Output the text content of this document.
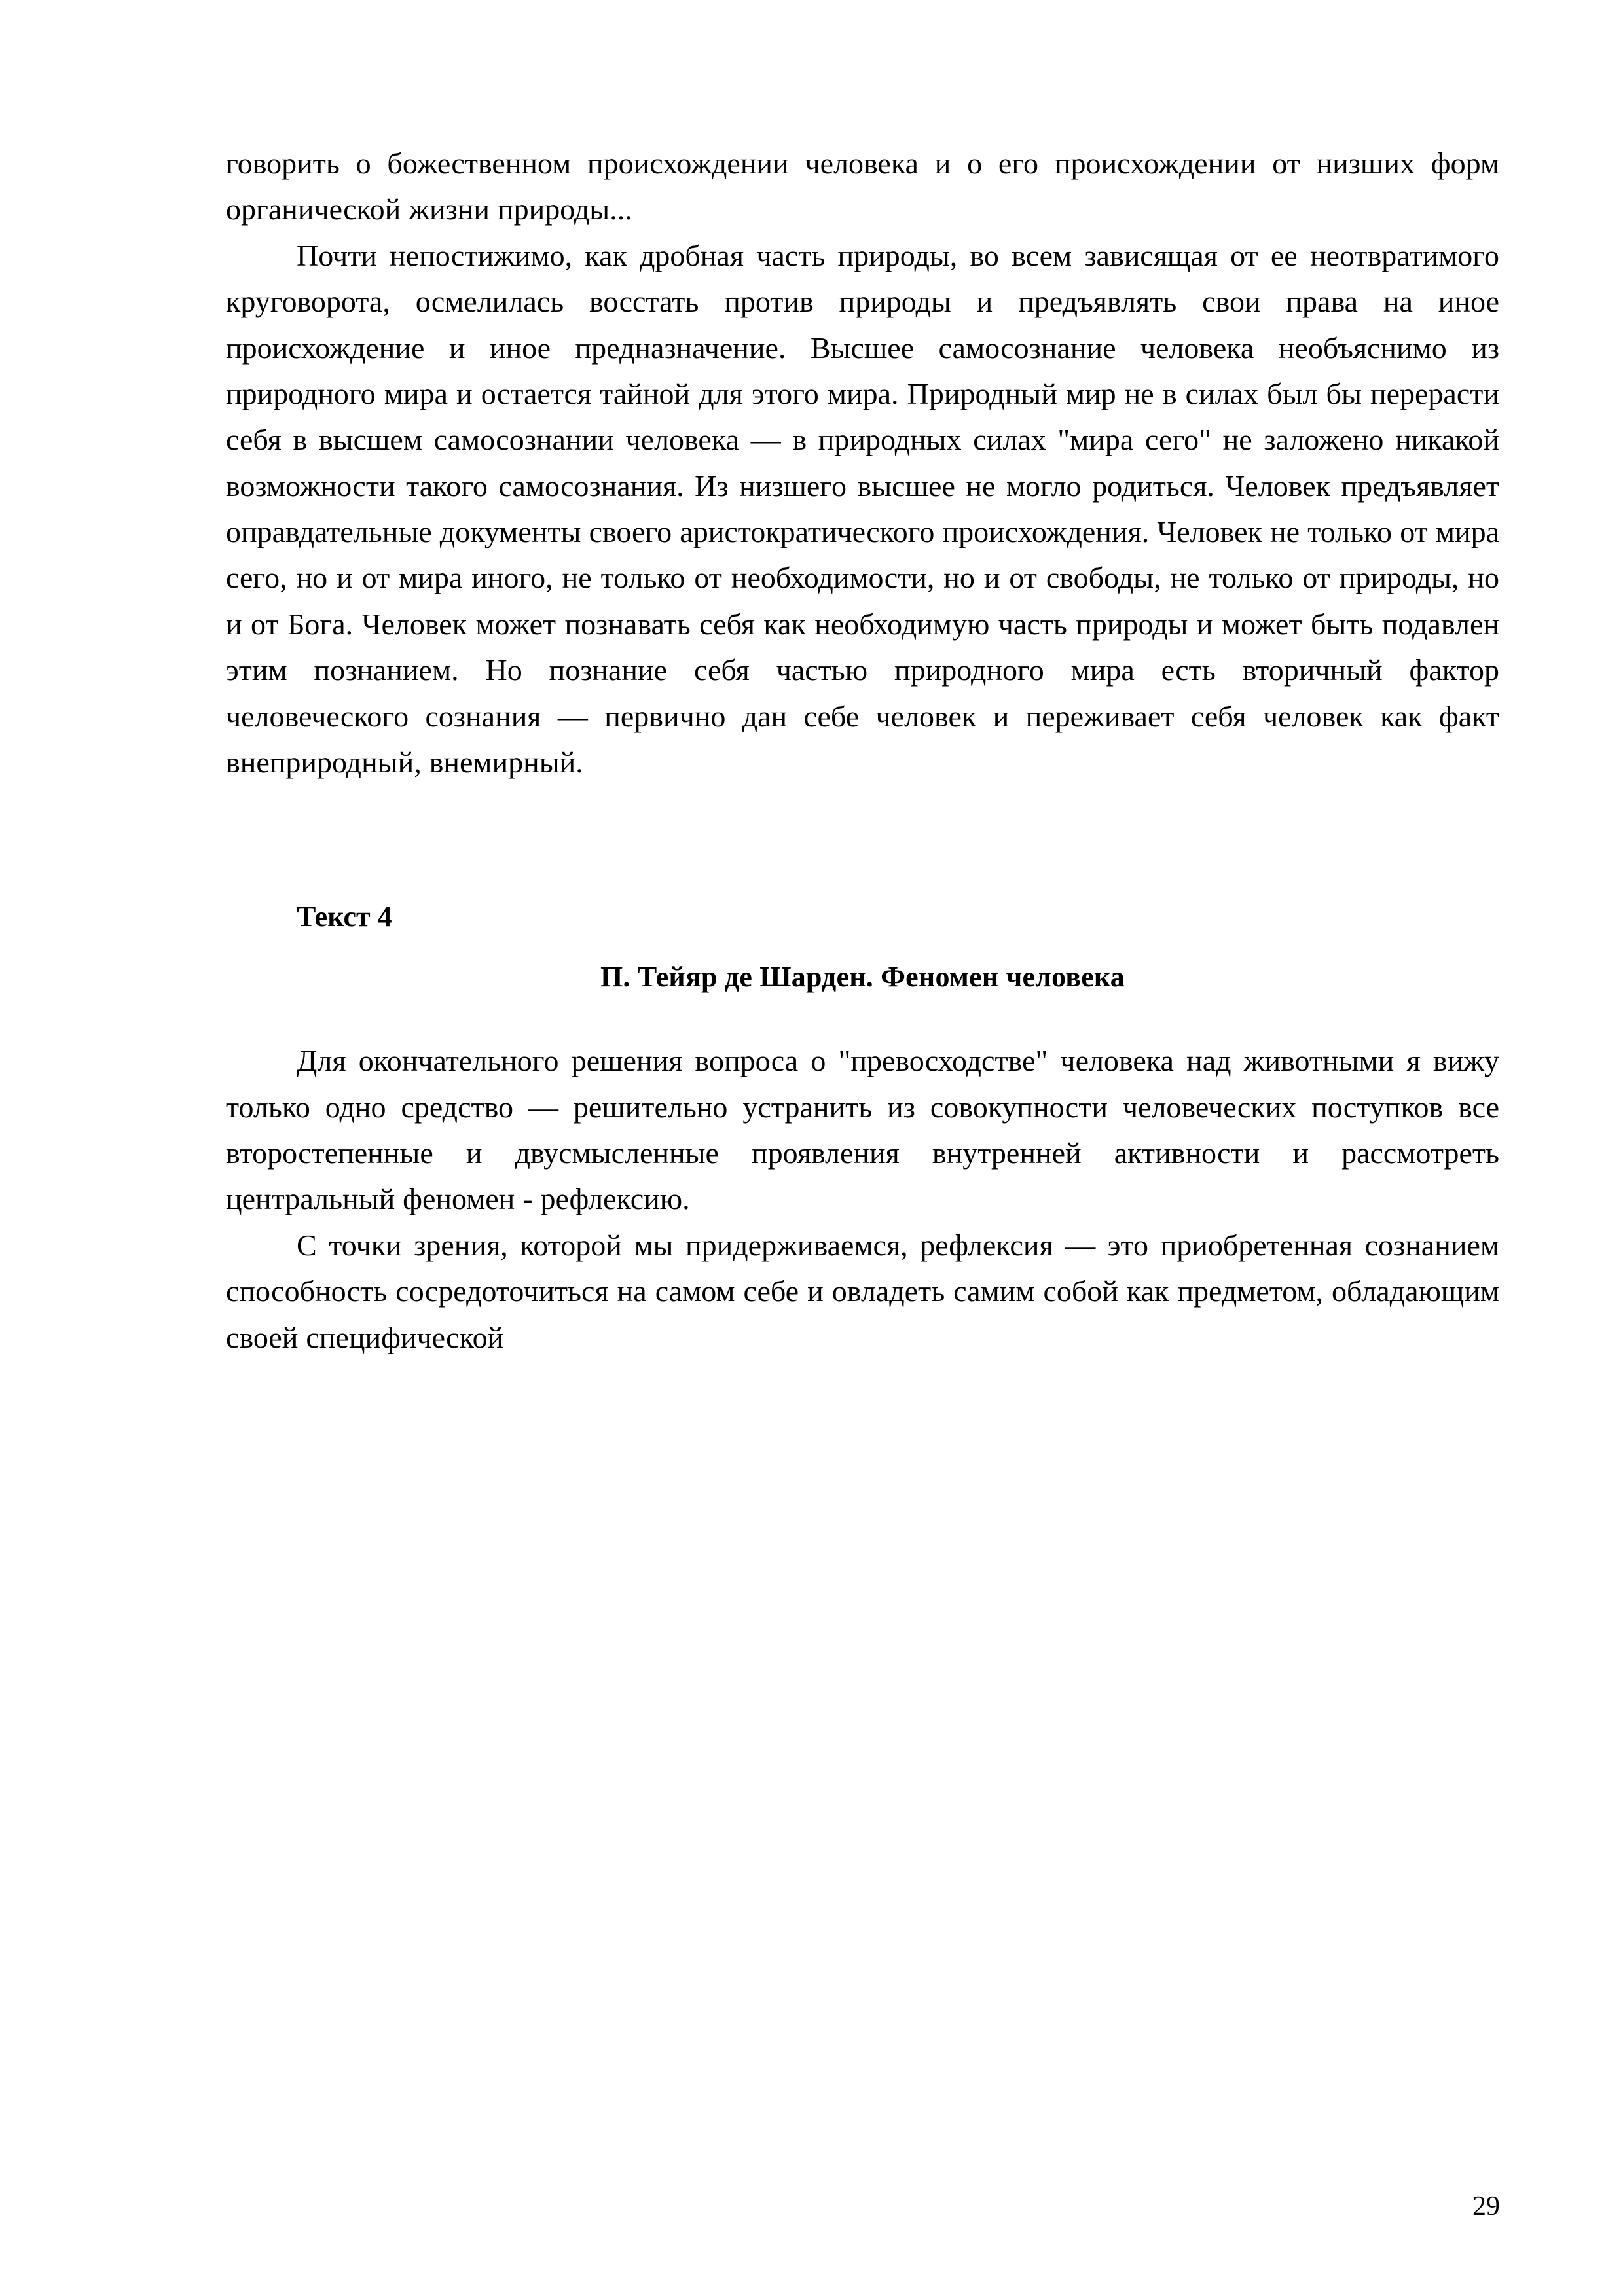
говорить о божественном происхождении человека и о его происхождении от низших форм органической жизни природы...

Почти непостижимо, как дробная часть природы, во всем зависящая от ее неотвратимого круговорота, осмелилась восстать против природы и предъявлять свои права на иное происхождение и иное предназначение. Высшее самосознание человека необъяснимо из природного мира и остается тайной для этого мира. Природный мир не в силах был бы перерасти себя в высшем самосознании человека — в природных силах "мира сего" не заложено никакой возможности такого самосознания. Из низшего высшее не могло родиться. Человек предъявляет оправдательные документы своего аристократического происхождения. Человек не только от мира сего, но и от мира иного, не только от необходимости, но и от свободы, не только от природы, но и от Бога. Человек может познавать себя как необходимую часть природы и может быть подавлен этим познанием. Но познание себя частью природного мира есть вторичный фактор человеческого сознания — первично дан себе человек и переживает себя человек как факт внеприродный, внемирный.

Текст 4
П. Тейяр де Шарден. Феномен человека

Для окончательного решения вопроса о "превосходстве" человека над животными я вижу только одно средство — решительно устранить из совокупности человеческих поступков все второстепенные и двусмысленные проявления внутренней активности и рассмотреть центральный феномен - рефлексию.

С точки зрения, которой мы придерживаемся, рефлексия — это приобретенная сознанием способность сосредоточиться на самом себе и овладеть самим собой как предметом, обладающим своей специфической

29
